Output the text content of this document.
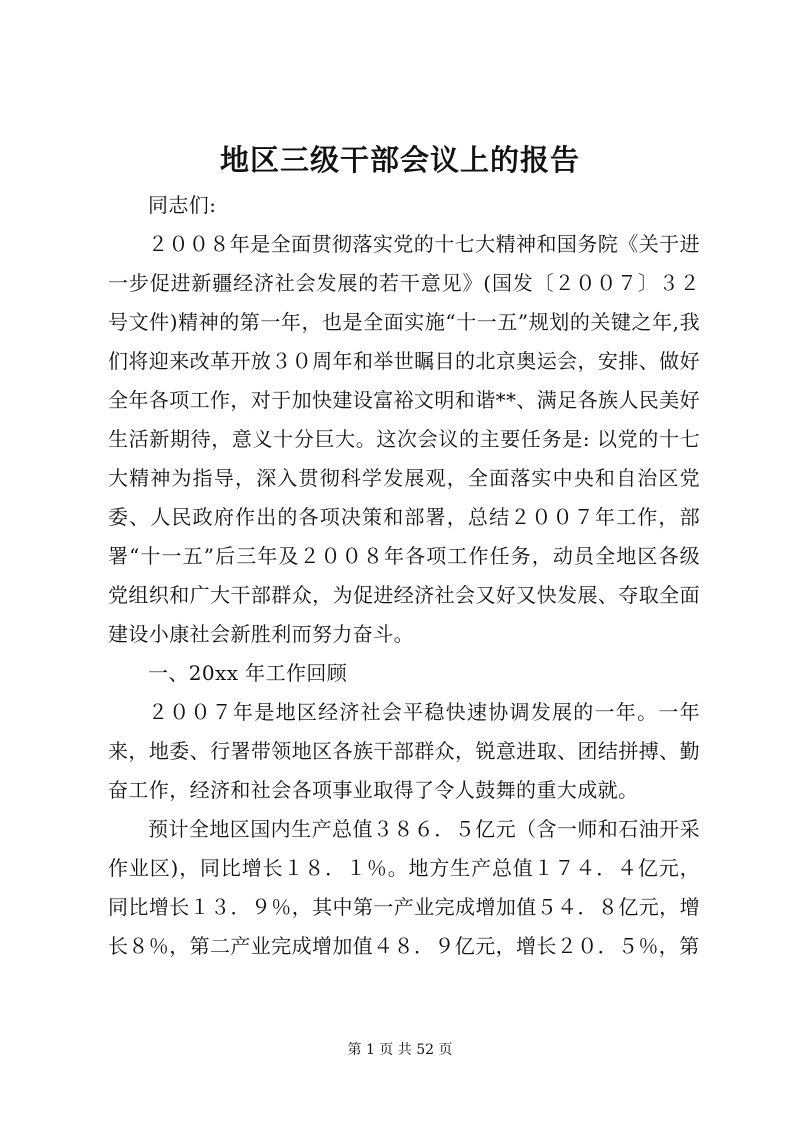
地区三级干部会议上的报告

同志们:

２００８年是全面贯彻落实党的十七大精神和国务院《关于进一步促进新疆经济社会发展的若干意见》(国发〔２００７〕３２号文件)精神的第一年，也是全面实施“十一五”规划的关键之年,我们将迎来改革开放３０周年和举世瞩目的北京奥运会，安排、做好全年各项工作，对于加快建设富裕文明和谐**、满足各族人民美好生活新期待，意义十分巨大。这次会议的主要任务是: 以党的十七大精神为指导，深入贯彻科学发展观，全面落实中央和自治区党委、人民政府作出的各项决策和部署，总结２００７年工作，部署“十一五”后三年及２００８年各项工作任务，动员全地区各级党组织和广大干部群众，为促进经济社会又好又快发展、夺取全面建设小康社会新胜利而努力奋斗。

一、20xx 年工作回顾

２００７年是地区经济社会平稳快速协调发展的一年。一年来，地委、行署带领地区各族干部群众，锐意进取、团结拼搏、勤奋工作，经济和社会各项事业取得了令人鼓舞的重大成就。

预计全地区国内生产总值３８６．５亿元（含一师和石油开采作业区)，同比增长１８．１％。地方生产总值１７４．４亿元，同比增长１３．９％，其中第一产业完成增加值５４．８亿元，增长８％，第二产业完成增加值４８．９亿元，增长２０．５％，第

第 1 页 共 52 页
